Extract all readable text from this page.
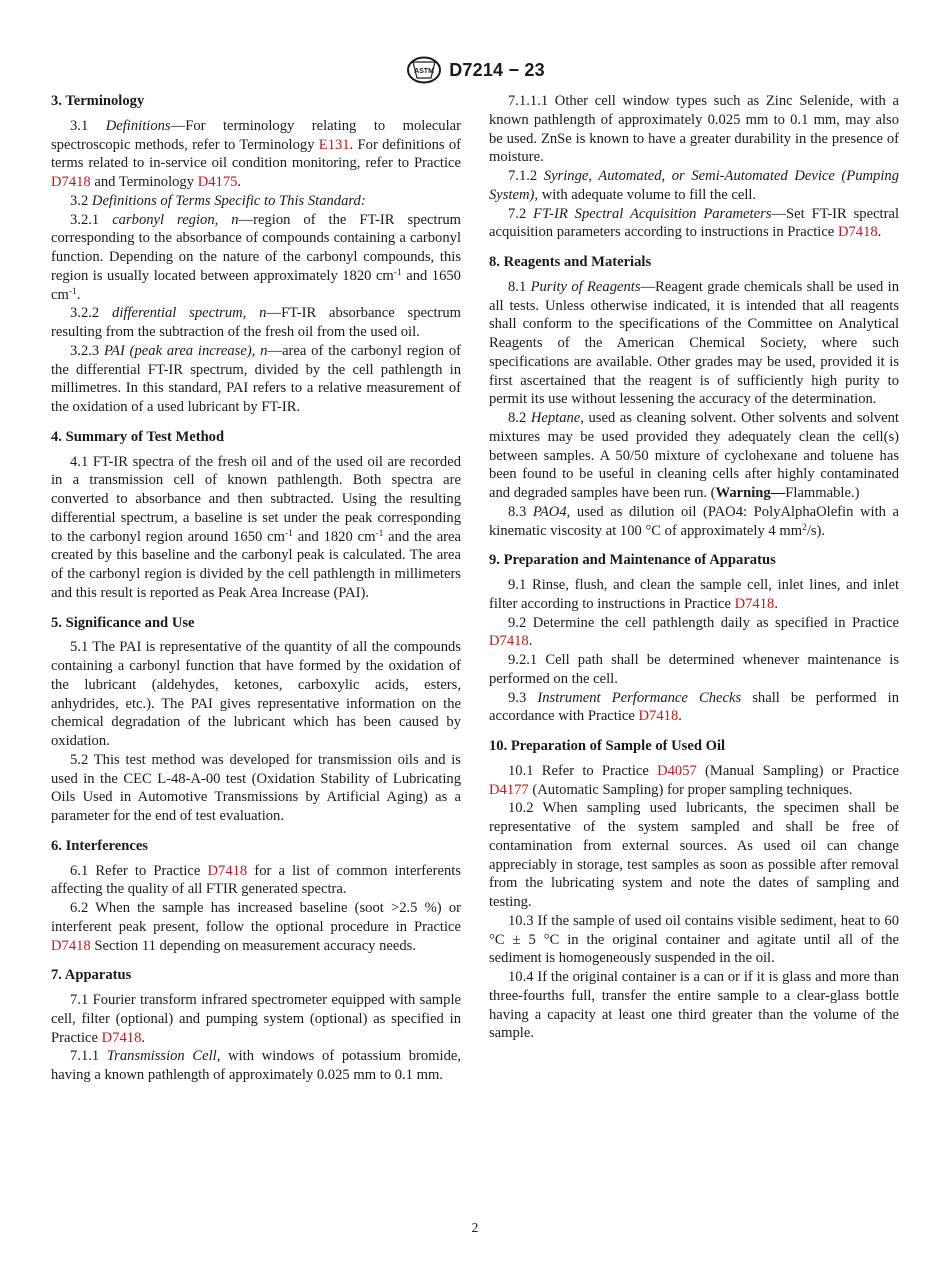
ASTM D7214 − 23
3. Terminology

3.1 Definitions—For terminology relating to molecular spectroscopic methods, refer to Terminology E131. For definitions of terms related to in-service oil condition monitoring, refer to Practice D7418 and Terminology D4175.

3.2 Definitions of Terms Specific to This Standard:

3.2.1 carbonyl region, n—region of the FT-IR spectrum corresponding to the absorbance of compounds containing a carbonyl function. Depending on the nature of the carbonyl compounds, this region is usually located between approximately 1820 $cm^{-1}$ and 1650 $cm^{-1}$.

3.2.2 differential spectrum, n—FT-IR absorbance spectrum resulting from the subtraction of the fresh oil from the used oil.

3.2.3 PAI (peak area increase), n—area of the carbonyl region of the differential FT-IR spectrum, divided by the cell pathlength in millimetres. In this standard, PAI refers to a relative measurement of the oxidation of a used lubricant by FT-IR.

4. Summary of Test Method

4.1 FT-IR spectra of the fresh oil and of the used oil are recorded in a transmission cell of known pathlength. Both spectra are converted to absorbance and then subtracted. Using the resulting differential spectrum, a baseline is set under the peak corresponding to the carbonyl region around 1650 $cm^{-1}$ and 1820 $cm^{-1}$ and the area created by this baseline and the carbonyl peak is calculated. The area of the carbonyl region is divided by the cell pathlength in millimeters and this result is reported as Peak Area Increase (PAI).

5. Significance and Use

5.1 The PAI is representative of the quantity of all the compounds containing a carbonyl function that have formed by the oxidation of the lubricant (aldehydes, ketones, carboxylic acids, esters, anhydrides, etc.). The PAI gives representative information on the chemical degradation of the lubricant which has been caused by oxidation.

5.2 This test method was developed for transmission oils and is used in the CEC L-48-A-00 test (Oxidation Stability of Lubricating Oils Used in Automotive Transmissions by Artificial Aging) as a parameter for the end of test evaluation.

6. Interferences

6.1 Refer to Practice D7418 for a list of common interferents affecting the quality of all FTIR generated spectra.

6.2 When the sample has increased baseline (soot >2.5 %) or interferent peak present, follow the optional procedure in Practice D7418 Section 11 depending on measurement accuracy needs.

7. Apparatus

7.1 Fourier transform infrared spectrometer equipped with sample cell, filter (optional) and pumping system (optional) as specified in Practice D7418.

7.1.1 Transmission Cell, with windows of potassium bromide, having a known pathlength of approximately 0.025 mm to 0.1 mm.

7.1.1.1 Other cell window types such as Zinc Selenide, with a known pathlength of approximately 0.025 mm to 0.1 mm, may also be used. ZnSe is known to have a greater durability in the presence of moisture.

7.1.2 Syringe, Automated, or Semi-Automated Device (Pumping System), with adequate volume to fill the cell.

7.2 FT-IR Spectral Acquisition Parameters—Set FT-IR spectral acquisition parameters according to instructions in Practice D7418.

8. Reagents and Materials

8.1 Purity of Reagents—Reagent grade chemicals shall be used in all tests. Unless otherwise indicated, it is intended that all reagents shall conform to the specifications of the Committee on Analytical Reagents of the American Chemical Society, where such specifications are available. Other grades may be used, provided it is first ascertained that the reagent is of sufficiently high purity to permit its use without lessening the accuracy of the determination.

8.2 Heptane, used as cleaning solvent. Other solvents and solvent mixtures may be used provided they adequately clean the cell(s) between samples. A 50/50 mixture of cyclohexane and toluene has been found to be useful in cleaning cells after highly contaminated and degraded samples have been run. (Warning—Flammable.)

8.3 PAO4, used as dilution oil (PAO4: PolyAlphaOlefin with a kinematic viscosity at 100 °C of approximately 4 $mm^2/s$).

9. Preparation and Maintenance of Apparatus

9.1 Rinse, flush, and clean the sample cell, inlet lines, and inlet filter according to instructions in Practice D7418.

9.2 Determine the cell pathlength daily as specified in Practice D7418.

9.2.1 Cell path shall be determined whenever maintenance is performed on the cell.

9.3 Instrument Performance Checks shall be performed in accordance with Practice D7418.

10. Preparation of Sample of Used Oil

10.1 Refer to Practice D4057 (Manual Sampling) or Practice D4177 (Automatic Sampling) for proper sampling techniques.

10.2 When sampling used lubricants, the specimen shall be representative of the system sampled and shall be free of contamination from external sources. As used oil can change appreciably in storage, test samples as soon as possible after removal from the lubricating system and note the dates of sampling and testing.

10.3 If the sample of used oil contains visible sediment, heat to 60 °C ± 5 °C in the original container and agitate until all of the sediment is homogeneously suspended in the oil.

10.4 If the original container is a can or if it is glass and more than three-fourths full, transfer the entire sample to a clear-glass bottle having a capacity at least one third greater than the volume of the sample.

2
